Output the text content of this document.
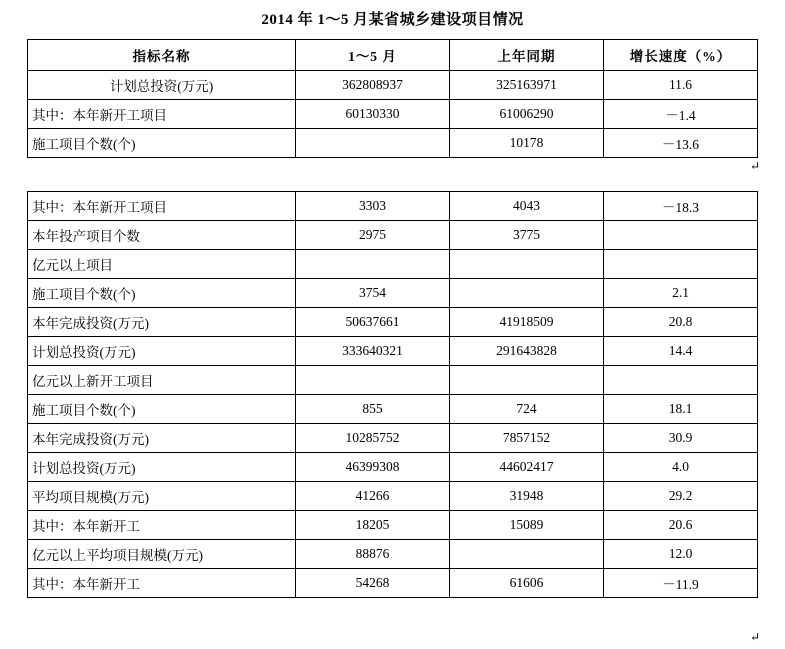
2014 年 1～5 月某省城乡建设项目情况
指标名称	1～5 月	上年同期	增长速度（%）
计划总投资(万元)	362808937	325163971	11.6
其中：本年新开工项目	60130330	61006290	－1.4
施工项目个数(个)		10178	－13.6
其中：本年新开工项目	3303	4043	－18.3
本年投产项目个数	2975	3775	
亿元以上项目			
施工项目个数(个)	3754		2.1
本年完成投资(万元)	50637661	41918509	20.8
计划总投资(万元)	333640321	291643828	14.4
亿元以上新开工项目			
施工项目个数(个)	855	724	18.1
本年完成投资(万元)	10285752	7857152	30.9
计划总投资(万元)	46399308	44602417	4.0
平均项目规模(万元)	41266	31948	29.2
其中：本年新开工	18205	15089	20.6
亿元以上平均项目规模(万元)	88876		12.0
其中：本年新开工	54268	61606	－11.9
↵
↵
